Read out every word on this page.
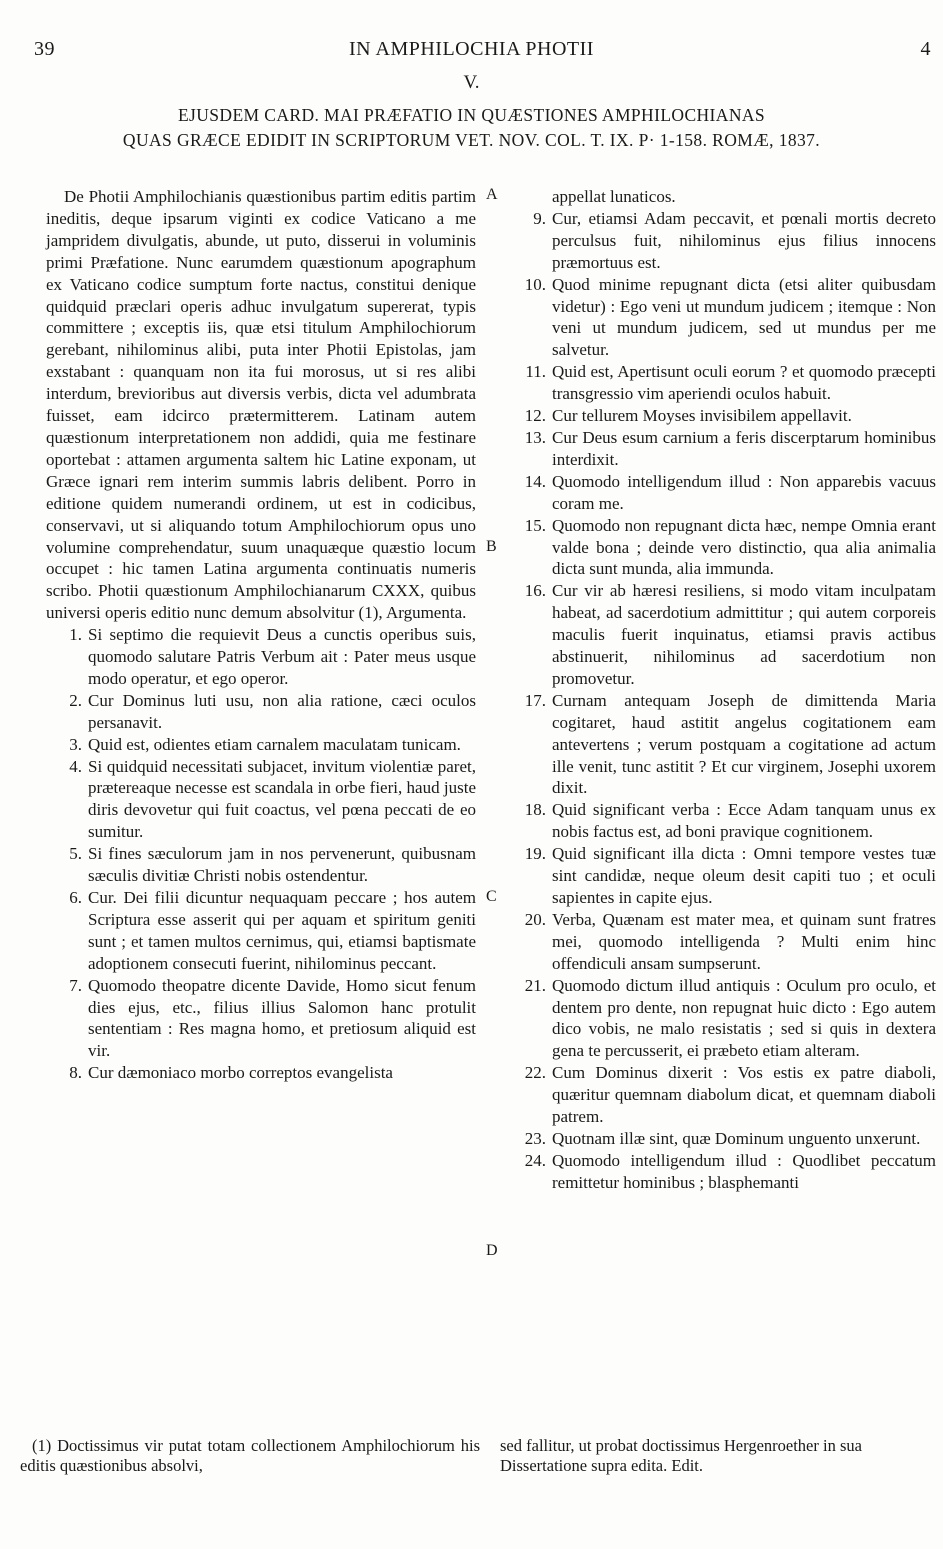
39	IN AMPHILOCHIA PHOTII	4
V.
EJUSDEM CARD. MAI PRÆFATIO IN QUÆSTIONES AMPHILOCHIANAS
QUAS GRÆCE EDIDIT IN SCRIPTORUM VET. NOV. COL. T. IX. P· 1-158. ROMÆ, 1837.

De Photii Amphilochianis quæstionibus partim editis partim ineditis, deque ipsarum viginti ex codice Vaticano a me jampridem divulgatis, abunde, ut puto, disserui in voluminis primi Præfatione. Nunc earumdem quæstionum apographum ex Vaticano codice sumptum forte nactus, constitui denique quidquid præclari operis adhuc invulgatum supererat, typis committere ; exceptis iis, quæ etsi titulum Amphilochiorum gerebant, nihilominus alibi, puta inter Photii Epistolas, jam exstabant : quanquam non ita fui morosus, ut si res alibi interdum, brevioribus aut diversis verbis, dicta vel adumbrata fuisset, eam idcirco prætermitterem. Latinam autem quæstionum interpretationem non addidi, quia me festinare oportebat : attamen argumenta saltem hic Latine exponam, ut Græce ignari rem interim summis labris delibent. Porro in editione quidem numerandi ordinem, ut est in codicibus, conservavi, ut si aliquando totum Amphilochiorum opus uno volumine comprehendatur, suum unaquæque quæstio locum occupet : hic tamen Latina argumenta continuatis numeris scribo. Photii quæstionum Amphilochianarum CXXX, quibus universi operis editio nunc demum absolvitur (1), Argumenta.

1. Si septimo die requievit Deus a cunctis operibus suis, quomodo salutare Patris Verbum ait : Pater meus usque modo operatur, et ego operor.
2. Cur Dominus luti usu, non alia ratione, cæci oculos persanavit.
3. Quid est, odientes etiam carnalem maculatam tunicam.
4. Si quidquid necessitati subjacet, invitum violentiæ paret, prætereaque necesse est scandala in orbe fieri, haud juste diris devovetur qui fuit coactus, vel pœna peccati de eo sumitur.
5. Si fines sæculorum jam in nos pervenerunt, quibusnam sæculis divitiæ Christi nobis ostendentur.
6. Cur. Dei filii dicuntur nequaquam peccare ; hos autem Scriptura esse asserit qui per aquam et spiritum geniti sunt ; et tamen multos cernimus, qui, etiamsi baptismate adoptionem consecuti fuerint, nihilominus peccant.
7. Quomodo theopatre dicente Davide, Homo sicut fenum dies ejus, etc., filius illius Salomon hanc protulit sententiam : Res magna homo, et pretiosum aliquid est vir.
8. Cur dæmoniaco morbo correptos evangelista
A
B
C
D

appellat lunaticos.

9. Cur, etiamsi Adam peccavit, et pœnali mortis decreto perculsus fuit, nihilominus ejus filius innocens præmortuus est.
10. Quod minime repugnant dicta (etsi aliter quibusdam videtur) : Ego veni ut mundum judicem ; itemque : Non veni ut mundum judicem, sed ut mundus per me salvetur.
11. Quid est, Apertisunt oculi eorum ? et quomodo præcepti transgressio vim aperiendi oculos habuit.
12. Cur tellurem Moyses invisibilem appellavit.
13. Cur Deus esum carnium a feris discerptarum hominibus interdixit.
14. Quomodo intelligendum illud : Non apparebis vacuus coram me.
15. Quomodo non repugnant dicta hæc, nempe Omnia erant valde bona ; deinde vero distinctio, qua alia animalia dicta sunt munda, alia immunda.
16. Cur vir ab hæresi resiliens, si modo vitam inculpatam habeat, ad sacerdotium admittitur ; qui autem corporeis maculis fuerit inquinatus, etiamsi pravis actibus abstinuerit, nihilominus ad sacerdotium non promovetur.
17. Curnam antequam Joseph de dimittenda Maria cogitaret, haud astitit angelus cogitationem eam antevertens ; verum postquam a cogitatione ad actum ille venit, tunc astitit ? Et cur virginem, Josephi uxorem dixit.
18. Quid significant verba : Ecce Adam tanquam unus ex nobis factus est, ad boni pravique cognitionem.
19. Quid significant illa dicta : Omni tempore vestes tuæ sint candidæ, neque oleum desit capiti tuo ; et oculi sapientes in capite ejus.
20. Verba, Quænam est mater mea, et quinam sunt fratres mei, quomodo intelligenda ? Multi enim hinc offendiculi ansam sumpserunt.
21. Quomodo dictum illud antiquis : Oculum pro oculo, et dentem pro dente, non repugnat huic dicto : Ego autem dico vobis, ne malo resistatis ; sed si quis in dextera gena te percusserit, ei præbeto etiam alteram.
22. Cum Dominus dixerit : Vos estis ex patre diaboli, quæritur quemnam diabolum dicat, et quemnam diaboli patrem.
23. Quotnam illæ sint, quæ Dominum unguento unxerunt.
24. Quomodo intelligendum illud : Quodlibet peccatum remittetur hominibus ; blasphemanti
(1) Doctissimus vir putat totam collectionem Amphilochiorum his editis quæstionibus absolvi,
sed fallitur, ut probat doctissimus Hergenroether in sua Dissertatione supra edita. Edit.
